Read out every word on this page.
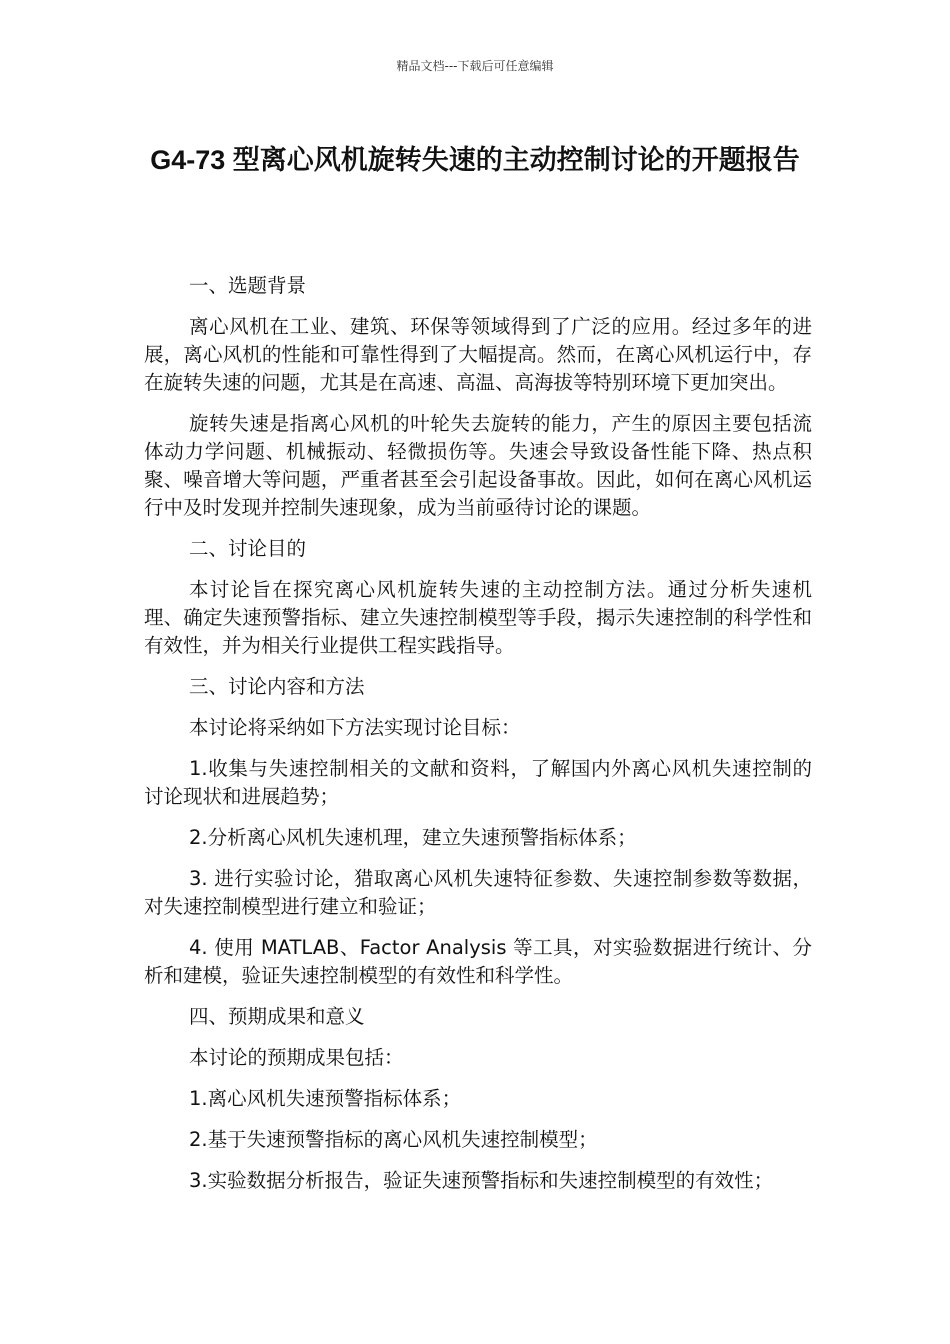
精品文档---下载后可任意编辑
G4-73 型离心风机旋转失速的主动控制讨论的开题报告

一、选题背景

离心风机在工业、建筑、环保等领域得到了广泛的应用。经过多年的进展，离心风机的性能和可靠性得到了大幅提高。然而，在离心风机运行中，存在旋转失速的问题，尤其是在高速、高温、高海拔等特别环境下更加突出。

旋转失速是指离心风机的叶轮失去旋转的能力，产生的原因主要包括流体动力学问题、机械振动、轻微损伤等。失速会导致设备性能下降、热点积聚、噪音增大等问题，严重者甚至会引起设备事故。因此，如何在离心风机运行中及时发现并控制失速现象，成为当前亟待讨论的课题。

二、讨论目的

本讨论旨在探究离心风机旋转失速的主动控制方法。通过分析失速机理、确定失速预警指标、建立失速控制模型等手段，揭示失速控制的科学性和有效性，并为相关行业提供工程实践指导。

三、讨论内容和方法

本讨论将采纳如下方法实现讨论目标：

1.收集与失速控制相关的文献和资料，了解国内外离心风机失速控制的讨论现状和进展趋势；

2.分析离心风机失速机理，建立失速预警指标体系；

3. 进行实验讨论，猎取离心风机失速特征参数、失速控制参数等数据，对失速控制模型进行建立和验证；

4. 使用 MATLAB、Factor Analysis 等工具，对实验数据进行统计、分析和建模，验证失速控制模型的有效性和科学性。

四、预期成果和意义

本讨论的预期成果包括：

1.离心风机失速预警指标体系；

2.基于失速预警指标的离心风机失速控制模型；

3.实验数据分析报告，验证失速预警指标和失速控制模型的有效性；
